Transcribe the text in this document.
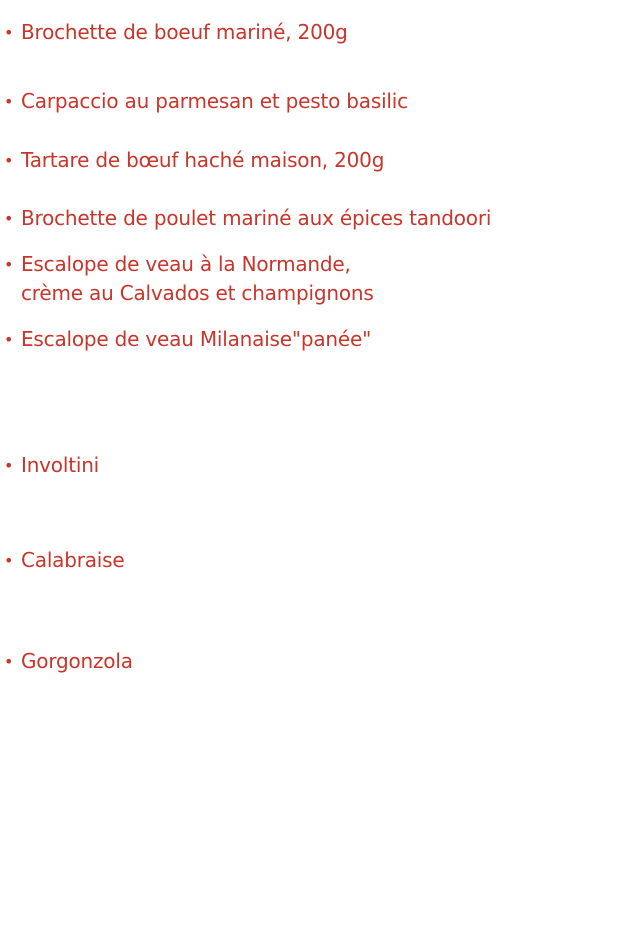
• Brochette de boeuf mariné, 200g
• Carpaccio au parmesan et pesto basilic
• Tartare de bœuf haché maison, 200g
• Brochette de poulet mariné aux épices tandoori
• Escalope de veau à la Normande,
crème au Calvados et champignons
• Escalope de veau Milanaise"panée"
• Involtini
• Calabraise
• Gorgonzola
